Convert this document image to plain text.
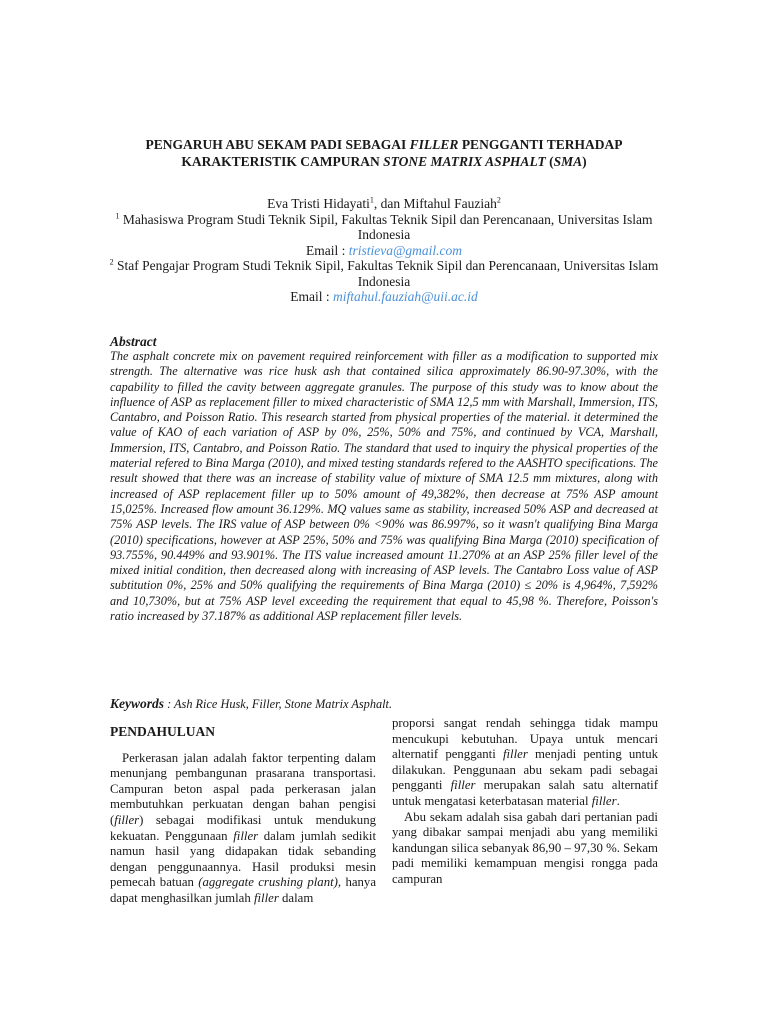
PENGARUH ABU SEKAM PADI SEBAGAI FILLER PENGGANTI TERHADAP
KARAKTERISTIK CAMPURAN STONE MATRIX ASPHALT (SMA)
Eva Tristi Hidayati$^1$, dan Miftahul Fauziah$^2$
$^1$ Mahasiswa Program Studi Teknik Sipil, Fakultas Teknik Sipil dan Perencanaan, Universitas Islam Indonesia
Email : tristieva@gmail.com
$^2$ Staf Pengajar Program Studi Teknik Sipil, Fakultas Teknik Sipil dan Perencanaan, Universitas Islam Indonesia
Email : miftahul.fauziah@uii.ac.id
Abstract

The asphalt concrete mix on pavement required reinforcement with filler as a modification to supported mix strength. The alternative was rice husk ash that contained silica approximately 86.90-97.30%, with the capability to filled the cavity between aggregate granules. The purpose of this study was to know about the influence of ASP as replacement filler to mixed characteristic of SMA 12,5 mm with Marshall, Immersion, ITS, Cantabro, and Poisson Ratio. This research started from physical properties of the material. it determined the value of KAO of each variation of ASP by 0%, 25%, 50% and 75%, and continued by VCA, Marshall, Immersion, ITS, Cantabro, and Poisson Ratio. The standard that used to inquiry the physical properties of the material refered to Bina Marga (2010), and mixed testing standards refered to the AASHTO specifications. The result showed that there was an increase of stability value of mixture of SMA 12.5 mm mixtures, along with increased of ASP replacement filler up to 50% amount of 49,382%, then decrease at 75% ASP amount 15,025%. Increased flow amount 36.129%. MQ values same as stability, increased 50% ASP and decreased at 75% ASP levels. The IRS value of ASP between 0% <90% was 86.997%, so it wasn't qualifying Bina Marga (2010) specifications, however at ASP 25%, 50% and 75% was qualifying Bina Marga (2010) specification of 93.755%, 90.449% and 93.901%. The ITS value increased amount 11.270% at an ASP 25% filler level of the mixed initial condition, then decreased along with increasing of ASP levels. The Cantabro Loss value of ASP subtitution 0%, 25% and 50% qualifying the requirements of Bina Marga (2010) ≤ 20% is 4,964%, 7,592% and 10,730%, but at 75% ASP level exceeding the requirement that equal to 45,98 %. Therefore, Poisson's ratio increased by 37.187% as additional ASP replacement filler levels.

Keywords : Ash Rice Husk, Filler, Stone Matrix Asphalt.
PENDAHULUAN

Perkerasan jalan adalah faktor terpenting dalam menunjang pembangunan prasarana transportasi. Campuran beton aspal pada perkerasan jalan membutuhkan perkuatan dengan bahan pengisi (filler) sebagai modifikasi untuk mendukung kekuatan. Penggunaan filler dalam jumlah sedikit namun hasil yang didapakan tidak sebanding dengan penggunaannya. Hasil produksi mesin pemecah batuan (aggregate crushing plant), hanya dapat menghasilkan jumlah filler dalam

proporsi sangat rendah sehingga tidak mampu mencukupi kebutuhan. Upaya untuk mencari alternatif pengganti filler menjadi penting untuk dilakukan. Penggunaan abu sekam padi sebagai pengganti filler merupakan salah satu alternatif untuk mengatasi keterbatasan material filler.

Abu sekam adalah sisa gabah dari pertanian padi yang dibakar sampai menjadi abu yang memiliki kandungan silica sebanyak 86,90 – 97,30 %. Sekam padi memiliki kemampuan mengisi rongga pada campuran
